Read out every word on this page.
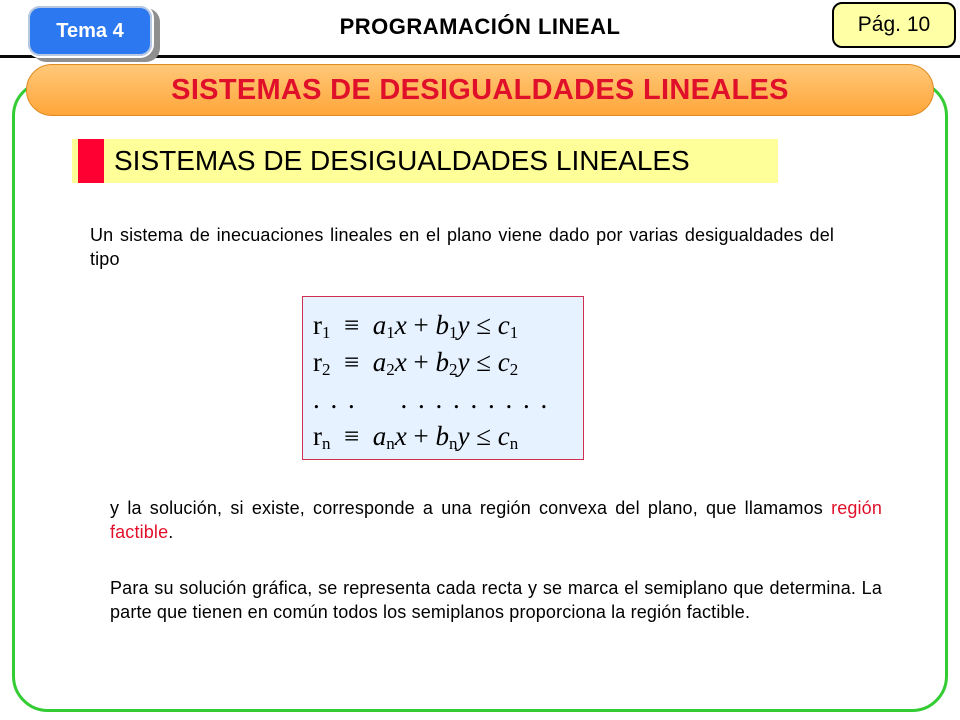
Tema 4	PROGRAMACIÓN LINEAL	Pág. 10
SISTEMAS DE DESIGUALDADES LINEALES
SISTEMAS DE DESIGUALDADES LINEALES
Un sistema de inecuaciones lineales en el plano viene dado por varias desigualdades del tipo
$r_1 \equiv a_1x + b_1y \le c_1$
$r_2 \equiv a_2x + b_2y \le c_2$
. . .     . . . . . . . . .
$r_n \equiv a_nx + b_ny \le c_n$
y la solución, si existe, corresponde a una región convexa del plano, que llamamos región factible.
Para su solución gráfica, se representa cada recta y se marca el semiplano que determina. La parte que tienen en común todos los semiplanos proporciona la región factible.
